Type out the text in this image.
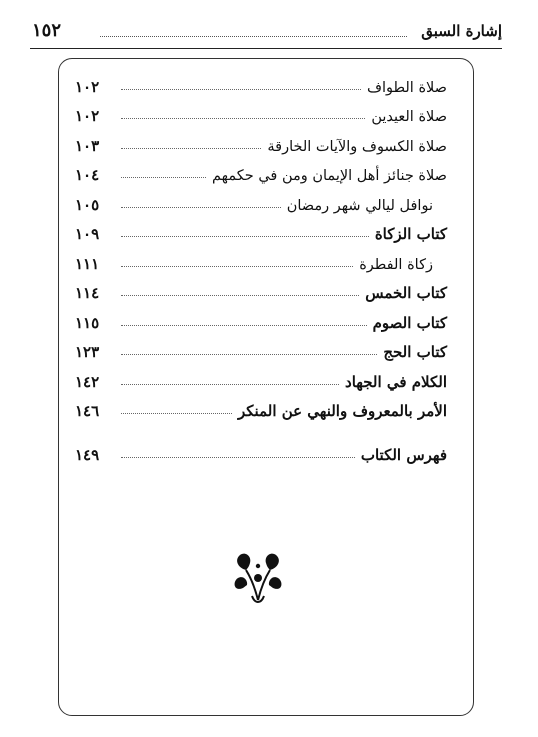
إشارة السبق
١٥٢
صلاة الطواف
١٠٢
صلاة العيدين
١٠٢
صلاة الكسوف والآيات الخارقة
١٠٣
صلاة جنائز أهل الإيمان ومن في حكمهم
١٠٤
نوافل ليالي شهر رمضان
١٠٥
كتاب الزكاة
١٠٩
زكاة الفطرة
١١١
كتاب الخمس
١١٤
كتاب الصوم
١١٥
كتاب الحج
١٢٣
الكلام في الجهاد
١٤٢
الأمر بالمعروف والنهي عن المنكر
١٤٦
فهرس الكتاب
١٤٩
